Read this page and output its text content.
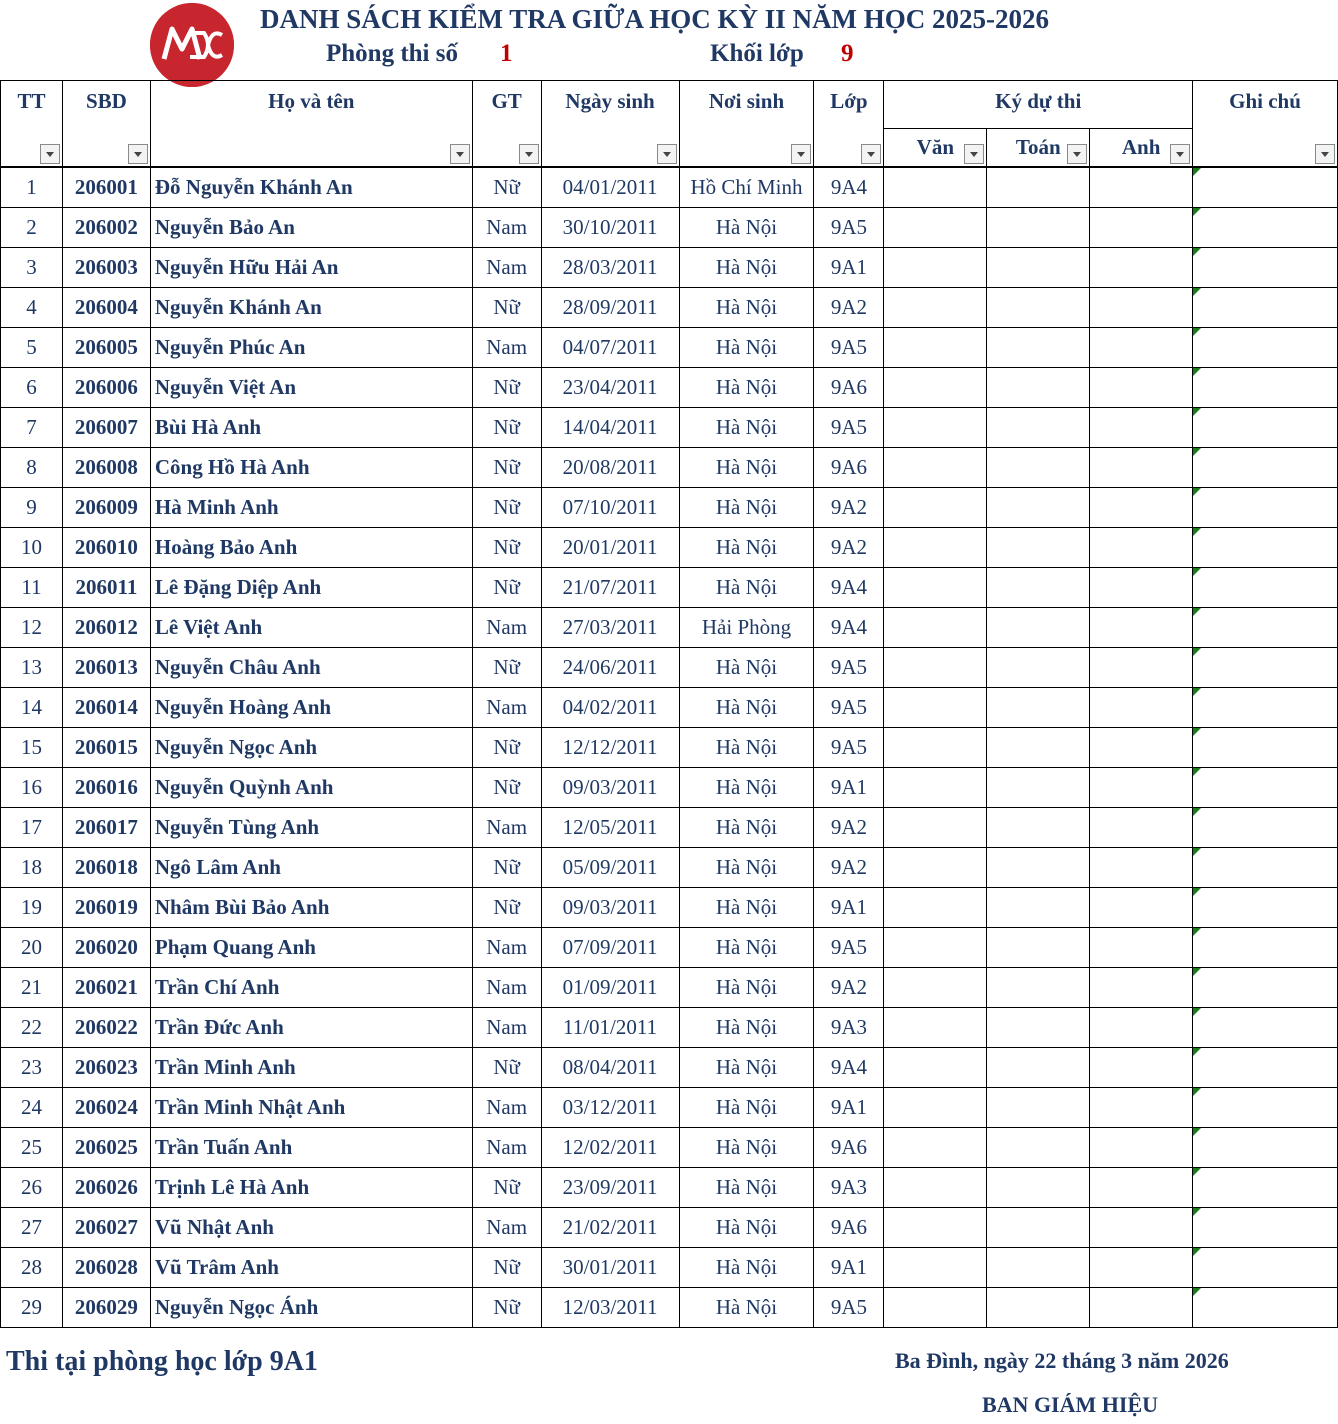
DANH SÁCH KIỂM TRA GIỮA HỌC KỲ II NĂM HỌC 2025-2026
Phòng thi số 1	Khối lớp 9
TT	SBD	Họ và tên	GT	Ngày sinh	Nơi sinh	Lớp	Ký dự thi			Ghi chú

							Văn	Toán	Anh	

1	206001	Đỗ Nguyễn Khánh An	Nữ	04/01/2011	Hồ Chí Minh	9A4				
2	206002	Nguyễn Bảo An	Nam	30/10/2011	Hà Nội	9A5				
3	206003	Nguyễn Hữu Hải An	Nam	28/03/2011	Hà Nội	9A1				
4	206004	Nguyễn Khánh An	Nữ	28/09/2011	Hà Nội	9A2				
5	206005	Nguyễn Phúc An	Nam	04/07/2011	Hà Nội	9A5				
6	206006	Nguyễn Việt An	Nữ	23/04/2011	Hà Nội	9A6				
7	206007	Bùi Hà Anh	Nữ	14/04/2011	Hà Nội	9A5				
8	206008	Công Hồ Hà Anh	Nữ	20/08/2011	Hà Nội	9A6				
9	206009	Hà Minh Anh	Nữ	07/10/2011	Hà Nội	9A2				
10	206010	Hoàng Bảo Anh	Nữ	20/01/2011	Hà Nội	9A2				
11	206011	Lê Đặng Diệp Anh	Nữ	21/07/2011	Hà Nội	9A4				
12	206012	Lê Việt Anh	Nam	27/03/2011	Hải Phòng	9A4				
13	206013	Nguyễn Châu Anh	Nữ	24/06/2011	Hà Nội	9A5				
14	206014	Nguyễn Hoàng Anh	Nam	04/02/2011	Hà Nội	9A5				
15	206015	Nguyễn Ngọc Anh	Nữ	12/12/2011	Hà Nội	9A5				
16	206016	Nguyễn Quỳnh Anh	Nữ	09/03/2011	Hà Nội	9A1				
17	206017	Nguyễn Tùng Anh	Nam	12/05/2011	Hà Nội	9A2				
18	206018	Ngô Lâm Anh	Nữ	05/09/2011	Hà Nội	9A2				
19	206019	Nhâm Bùi Bảo Anh	Nữ	09/03/2011	Hà Nội	9A1				
20	206020	Phạm Quang Anh	Nam	07/09/2011	Hà Nội	9A5				
21	206021	Trần Chí Anh	Nam	01/09/2011	Hà Nội	9A2				
22	206022	Trần Đức Anh	Nam	11/01/2011	Hà Nội	9A3				
23	206023	Trần Minh Anh	Nữ	08/04/2011	Hà Nội	9A4				
24	206024	Trần Minh Nhật Anh	Nam	03/12/2011	Hà Nội	9A1				
25	206025	Trần Tuấn Anh	Nam	12/02/2011	Hà Nội	9A6				
26	206026	Trịnh Lê Hà Anh	Nữ	23/09/2011	Hà Nội	9A3				
27	206027	Vũ Nhật Anh	Nam	21/02/2011	Hà Nội	9A6				
28	206028	Vũ Trâm Anh	Nữ	30/01/2011	Hà Nội	9A1				
29	206029	Nguyễn Ngọc Ánh	Nữ	12/03/2011	Hà Nội	9A5				
Thi tại phòng học lớp 9A1	Ba Đình, ngày 22 tháng 3 năm 2026
BAN GIÁM HIỆU
